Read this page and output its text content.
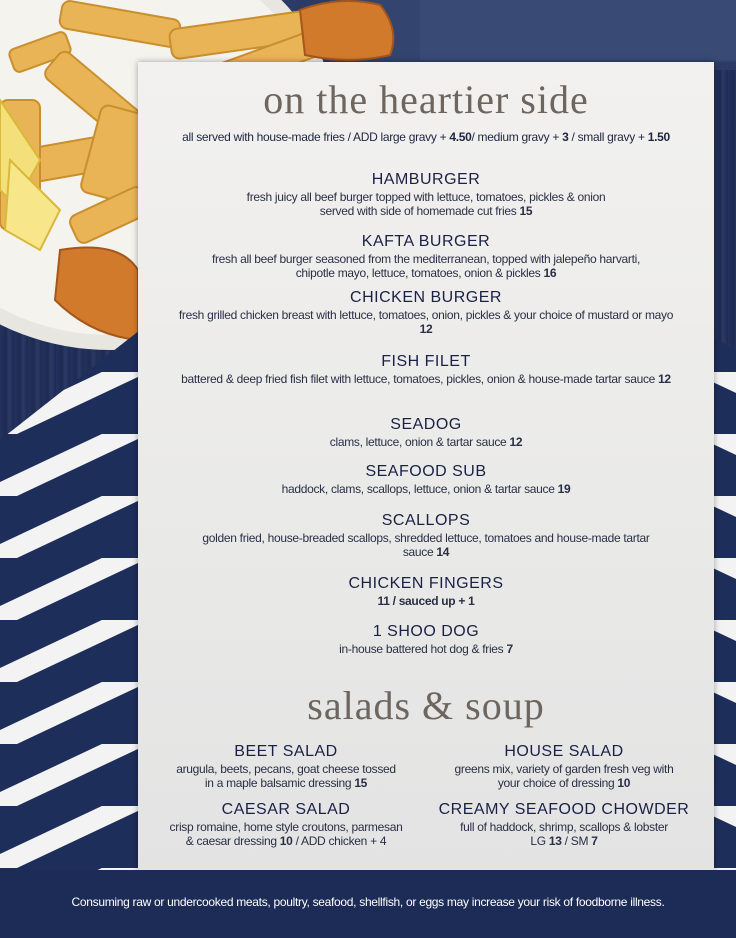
on the heartier side
all served with house-made fries / ADD large gravy + 4.50/ medium gravy + 3 / small gravy + 1.50
HAMBURGER
fresh juicy all beef burger topped with lettuce, tomatoes, pickles & onion served with side of homemade cut fries 15
KAFTA BURGER
fresh all beef burger seasoned from the mediterranean, topped with jalepeño harvarti, chipotle mayo, lettuce, tomatoes, onion & pickles 16
CHICKEN BURGER
fresh grilled chicken breast with lettuce, tomatoes, onion, pickles & your choice of mustard or mayo 12
FISH FILET
battered & deep fried fish filet with lettuce, tomatoes, pickles, onion & house-made tartar sauce 12
SEADOG
clams, lettuce, onion & tartar sauce 12
SEAFOOD SUB
haddock, clams, scallops, lettuce, onion & tartar sauce 19
SCALLOPS
golden fried, house-breaded scallops, shredded lettuce, tomatoes and house-made tartar sauce 14
CHICKEN FINGERS
11 / sauced up + 1
1 SHOO DOG
in-house battered hot dog & fries 7
salads & soup
BEET SALAD
arugula, beets, pecans, goat cheese tossed in a maple balsamic dressing 15
HOUSE SALAD
greens mix, variety of garden fresh veg with your choice of dressing 10
CAESAR SALAD
crisp romaine, home style croutons, parmesan & caesar dressing 10 / ADD chicken + 4
CREAMY SEAFOOD CHOWDER
full of haddock, shrimp, scallops & lobster
LG 13 / SM 7
Consuming raw or undercooked meats, poultry, seafood, shellfish, or eggs may increase your risk of foodborne illness.
